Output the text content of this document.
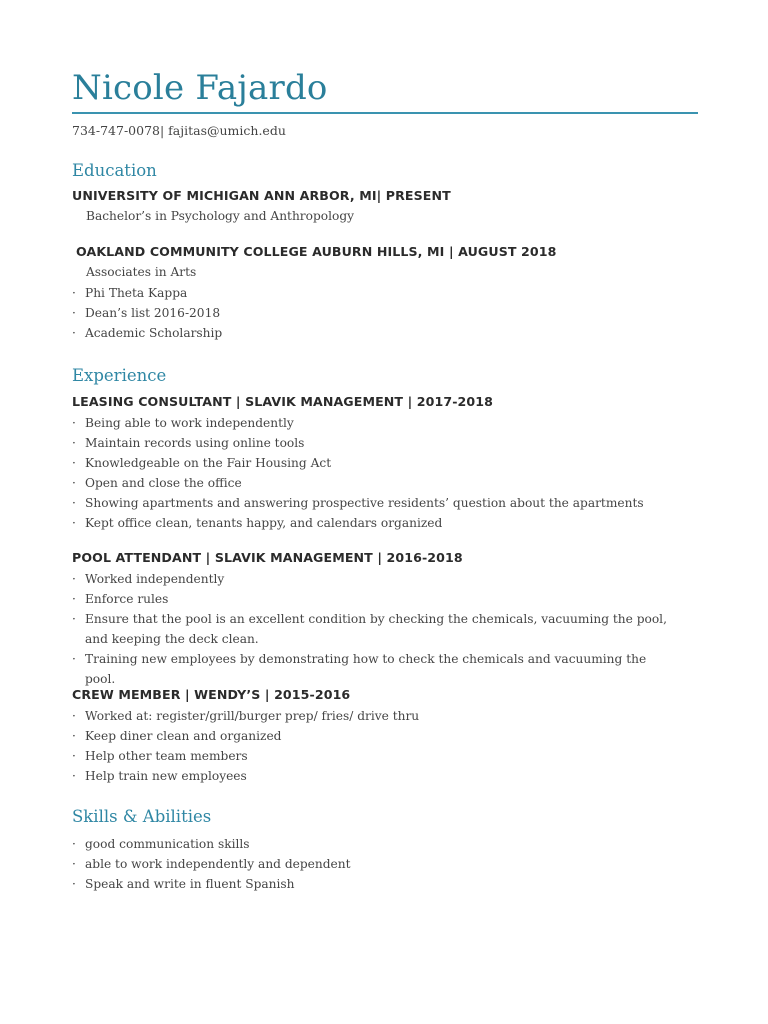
Nicole Fajardo
734-747-0078| fajitas@umich.edu
Education
UNIVERSITY OF MICHIGAN ANN ARBOR, MI| PRESENT
Bachelor’s in Psychology and Anthropology
OAKLAND COMMUNITY COLLEGE AUBURN HILLS, MI | AUGUST 2018
Associates in Arts
· Phi Theta Kappa
· Dean’s list 2016-2018
· Academic Scholarship
Experience
LEASING CONSULTANT | SLAVIK MANAGEMENT | 2017-2018
· Being able to work independently
· Maintain records using online tools
· Knowledgeable on the Fair Housing Act
· Open and close the office
· Showing apartments and answering prospective residents’ question about the apartments
· Kept office clean, tenants happy, and calendars organized
POOL ATTENDANT | SLAVIK MANAGEMENT | 2016-2018
· Worked independently
· Enforce rules
· Ensure that the pool is an excellent condition by checking the chemicals, vacuuming the pool, and keeping the deck clean.
· Training new employees by demonstrating how to check the chemicals and vacuuming the pool.
CREW MEMBER | WENDY’S | 2015-2016
· Worked at: register/grill/burger prep/ fries/ drive thru
· Keep diner clean and organized
· Help other team members
· Help train new employees
Skills & Abilities
· good communication skills
· able to work independently and dependent
· Speak and write in fluent Spanish
